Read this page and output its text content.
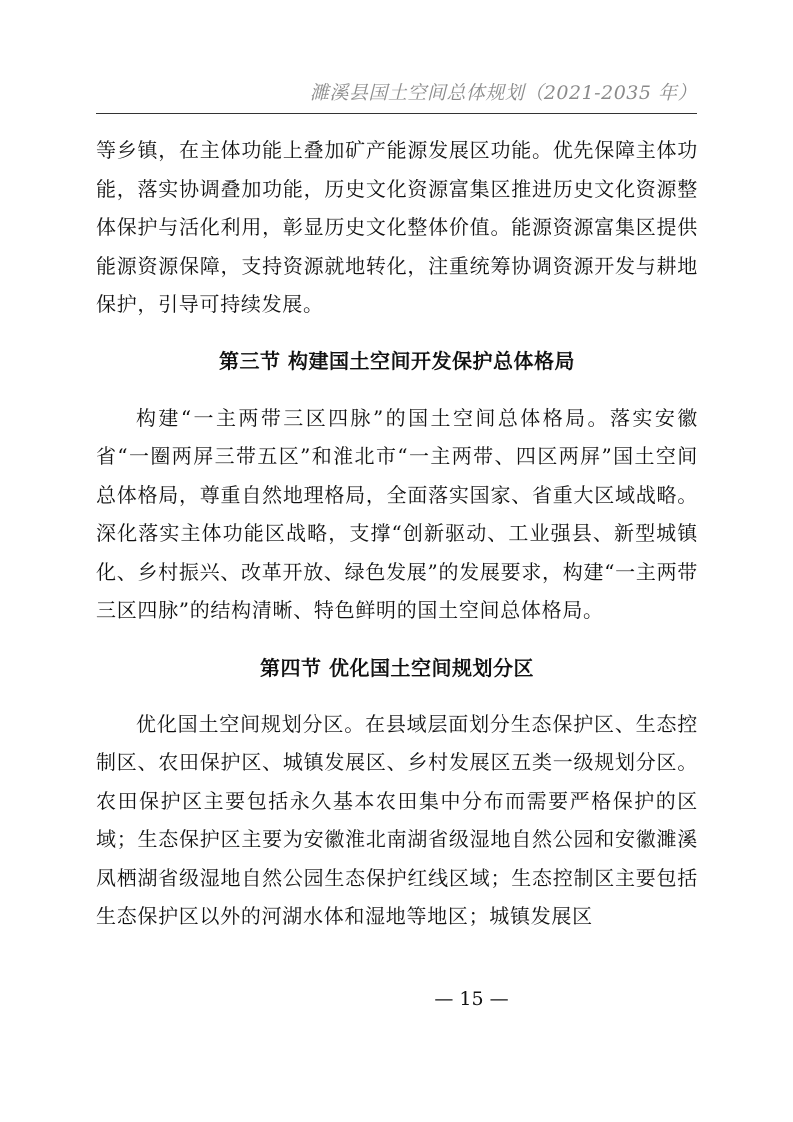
濉溪县国土空间总体规划（2021-2035 年）

等乡镇，在主体功能上叠加矿产能源发展区功能。优先保障主体功能，落实协调叠加功能，历史文化资源富集区推进历史文化资源整体保护与活化利用，彰显历史文化整体价值。能源资源富集区提供能源资源保障，支持资源就地转化，注重统筹协调资源开发与耕地保护，引导可持续发展。

第三节 构建国土空间开发保护总体格局

构建“一主两带三区四脉”的国土空间总体格局。落实安徽省“一圈两屏三带五区”和淮北市“一主两带、四区两屏”国土空间总体格局，尊重自然地理格局，全面落实国家、省重大区域战略。深化落实主体功能区战略，支撑“创新驱动、工业强县、新型城镇化、乡村振兴、改革开放、绿色发展”的发展要求，构建“一主两带三区四脉”的结构清晰、特色鲜明的国土空间总体格局。

第四节 优化国土空间规划分区

优化国土空间规划分区。在县域层面划分生态保护区、生态控制区、农田保护区、城镇发展区、乡村发展区五类一级规划分区。农田保护区主要包括永久基本农田集中分布而需要严格保护的区域；生态保护区主要为安徽淮北南湖省级湿地自然公园和安徽濉溪凤栖湖省级湿地自然公园生态保护红线区域；生态控制区主要包括生态保护区以外的河湖水体和湿地等地区；城镇发展区

— 15 —
